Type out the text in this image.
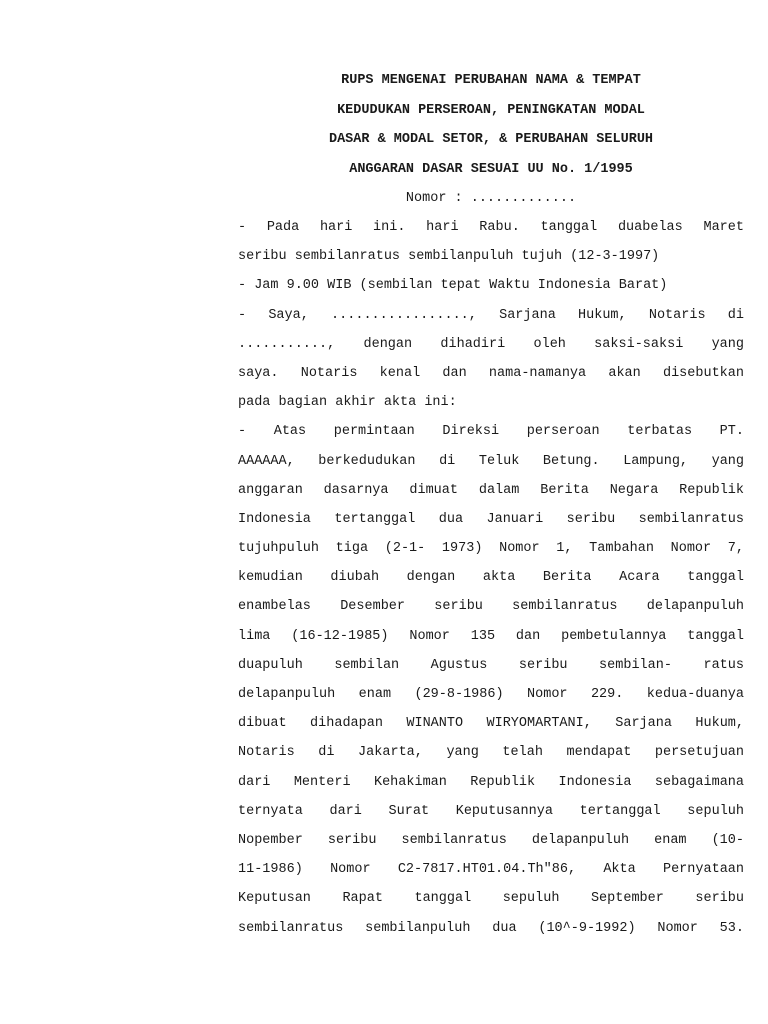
RUPS MENGENAI PERUBAHAN NAMA & TEMPAT
KEDUDUKAN PERSEROAN, PENINGKATAN MODAL
DASAR & MODAL SETOR, & PERUBAHAN SELURUH
ANGGARAN DASAR SESUAI UU No. 1/1995
Nomor : .............
- Pada hari ini. hari Rabu. tanggal duabelas Maret
seribu sembilanratus sembilanpuluh tujuh (12-3-1997)
- Jam 9.00 WIB (sembilan tepat Waktu Indonesia Barat)
- Saya, ................., Sarjana Hukum, Notaris di
..........., dengan dihadiri oleh saksi-saksi yang
saya. Notaris kenal dan nama-namanya akan disebutkan
pada bagian akhir akta ini:
- Atas permintaan Direksi perseroan terbatas PT.
AAAAAA, berkedudukan di Teluk Betung. Lampung, yang
anggaran dasarnya dimuat dalam Berita Negara Republik
Indonesia tertanggal dua Januari seribu sembilanratus
tujuhpuluh tiga (2-1- 1973) Nomor 1, Tambahan Nomor 7,
kemudian diubah dengan akta Berita Acara tanggal
enambelas Desember seribu sembilanratus delapanpuluh
lima (16-12-1985) Nomor 135 dan pembetulannya tanggal
duapuluh sembilan Agustus seribu sembilan- ratus
delapanpuluh enam (29-8-1986) Nomor 229. kedua-duanya
dibuat dihadapan WINANTO WIRYOMARTANI, Sarjana Hukum,
Notaris di Jakarta, yang telah mendapat persetujuan
dari Menteri Kehakiman Republik Indonesia sebagaimana
ternyata dari Surat Keputusannya tertanggal sepuluh
Nopember seribu sembilanratus delapanpuluh enam (10-
11-1986) Nomor C2-7817.HT01.04.Th"86, Akta Pernyataan
Keputusan Rapat tanggal sepuluh September seribu
sembilanratus sembilanpuluh dua (10^-9-1992) Nomor 53.
